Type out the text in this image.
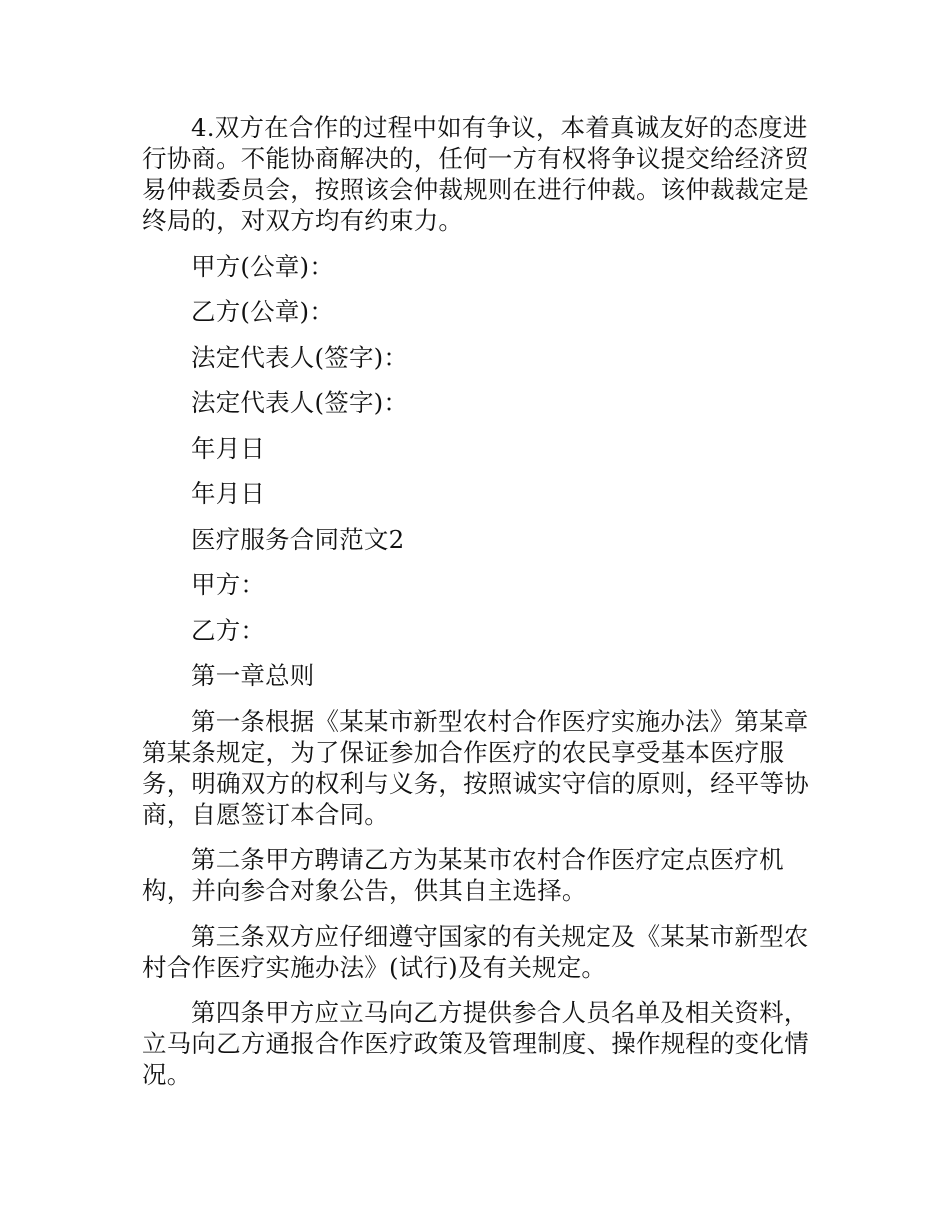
4.双方在合作的过程中如有争议，本着真诚友好的态度进行协商。不能协商解决的，任何一方有权将争议提交给经济贸易仲裁委员会，按照该会仲裁规则在进行仲裁。该仲裁裁定是终局的，对双方均有约束力。

甲方(公章)：

乙方(公章)：

法定代表人(签字)：

法定代表人(签字)：

年月日

年月日

医疗服务合同范文2

甲方：

乙方：

第一章总则

第一条根据《某某市新型农村合作医疗实施办法》第某章第某条规定，为了保证参加合作医疗的农民享受基本医疗服务，明确双方的权利与义务，按照诚实守信的原则，经平等协商，自愿签订本合同。

第二条甲方聘请乙方为某某市农村合作医疗定点医疗机构，并向参合对象公告，供其自主选择。

第三条双方应仔细遵守国家的有关规定及《某某市新型农村合作医疗实施办法》(试行)及有关规定。

第四条甲方应立马向乙方提供参合人员名单及相关资料，立马向乙方通报合作医疗政策及管理制度、操作规程的变化情况。
